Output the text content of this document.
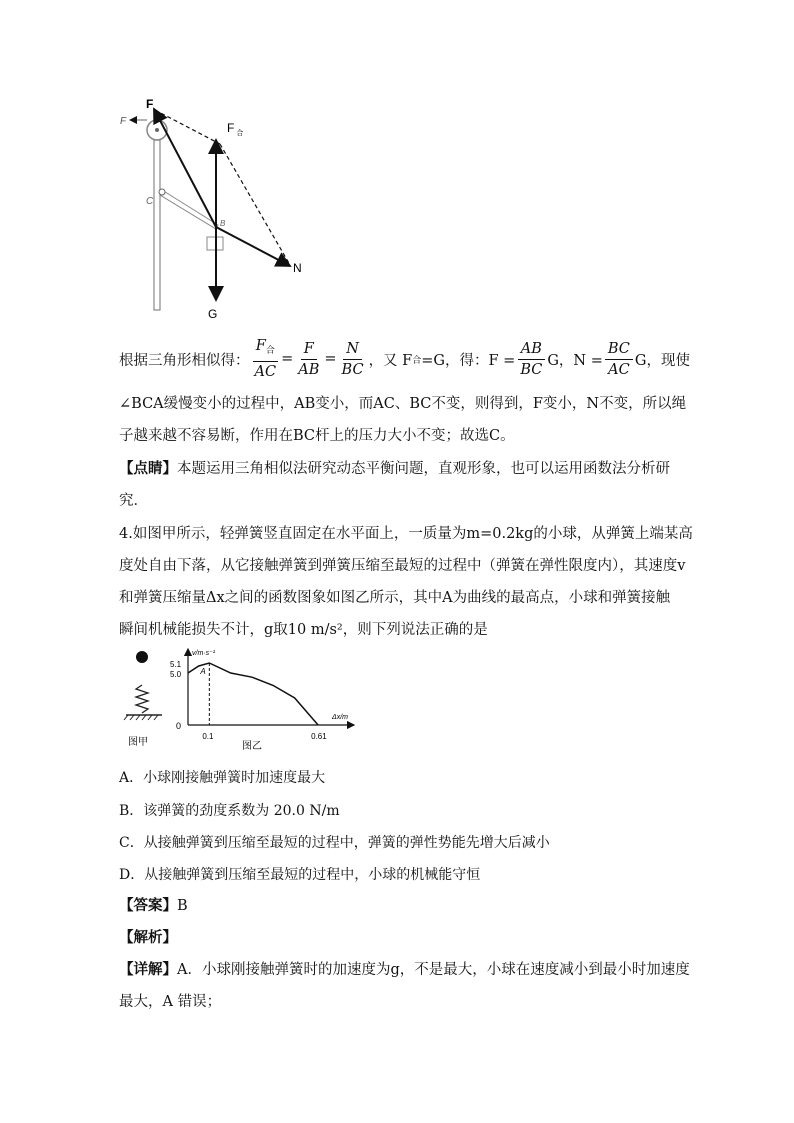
F
C
B
F
G
F $_合$
N
根据三角形相似得： $\frac{F_合}{AC} = \frac{F}{AB} = \frac{N}{BC}$ ，又 F 合 =G，得：$F = \frac{AB}{BC}$ G，$N = \frac{BC}{AC}$ G，现使
∠BCA缓慢变小的过程中，AB变小，而AC、BC不变，则得到，F变小，N不变，所以绳
子越来越不容易断，作用在BC杆上的压力大小不变；故选C。
【点睛】本题运用三角相似法研究动态平衡问题，直观形象，也可以运用函数法分析研
究．
4.如图甲所示，轻弹簧竖直固定在水平面上，一质量为m=0.2kg的小球，从弹簧上端某高
度处自由下落，从它接触弹簧到弹簧压缩至最短的过程中（弹簧在弹性限度内），其速度v
和弹簧压缩量Δx之间的函数图象如图乙所示，其中A为曲线的最高点，小球和弹簧接触
瞬间机械能损失不计，g取10 m/s²，则下列说法正确的是
图甲
v/m·s⁻¹
Δx/m
5.1
5.0
0
A
0.1	0.61
图乙
A．小球刚接触弹簧时加速度最大
B．该弹簧的劲度系数为 20.0 N/m
C．从接触弹簧到压缩至最短的过程中，弹簧的弹性势能先增大后减小
D．从接触弹簧到压缩至最短的过程中，小球的机械能守恒
【答案】B
【解析】
【详解】A．小球刚接触弹簧时的加速度为g，不是最大，小球在速度减小到最小时加速度
最大，A 错误；
